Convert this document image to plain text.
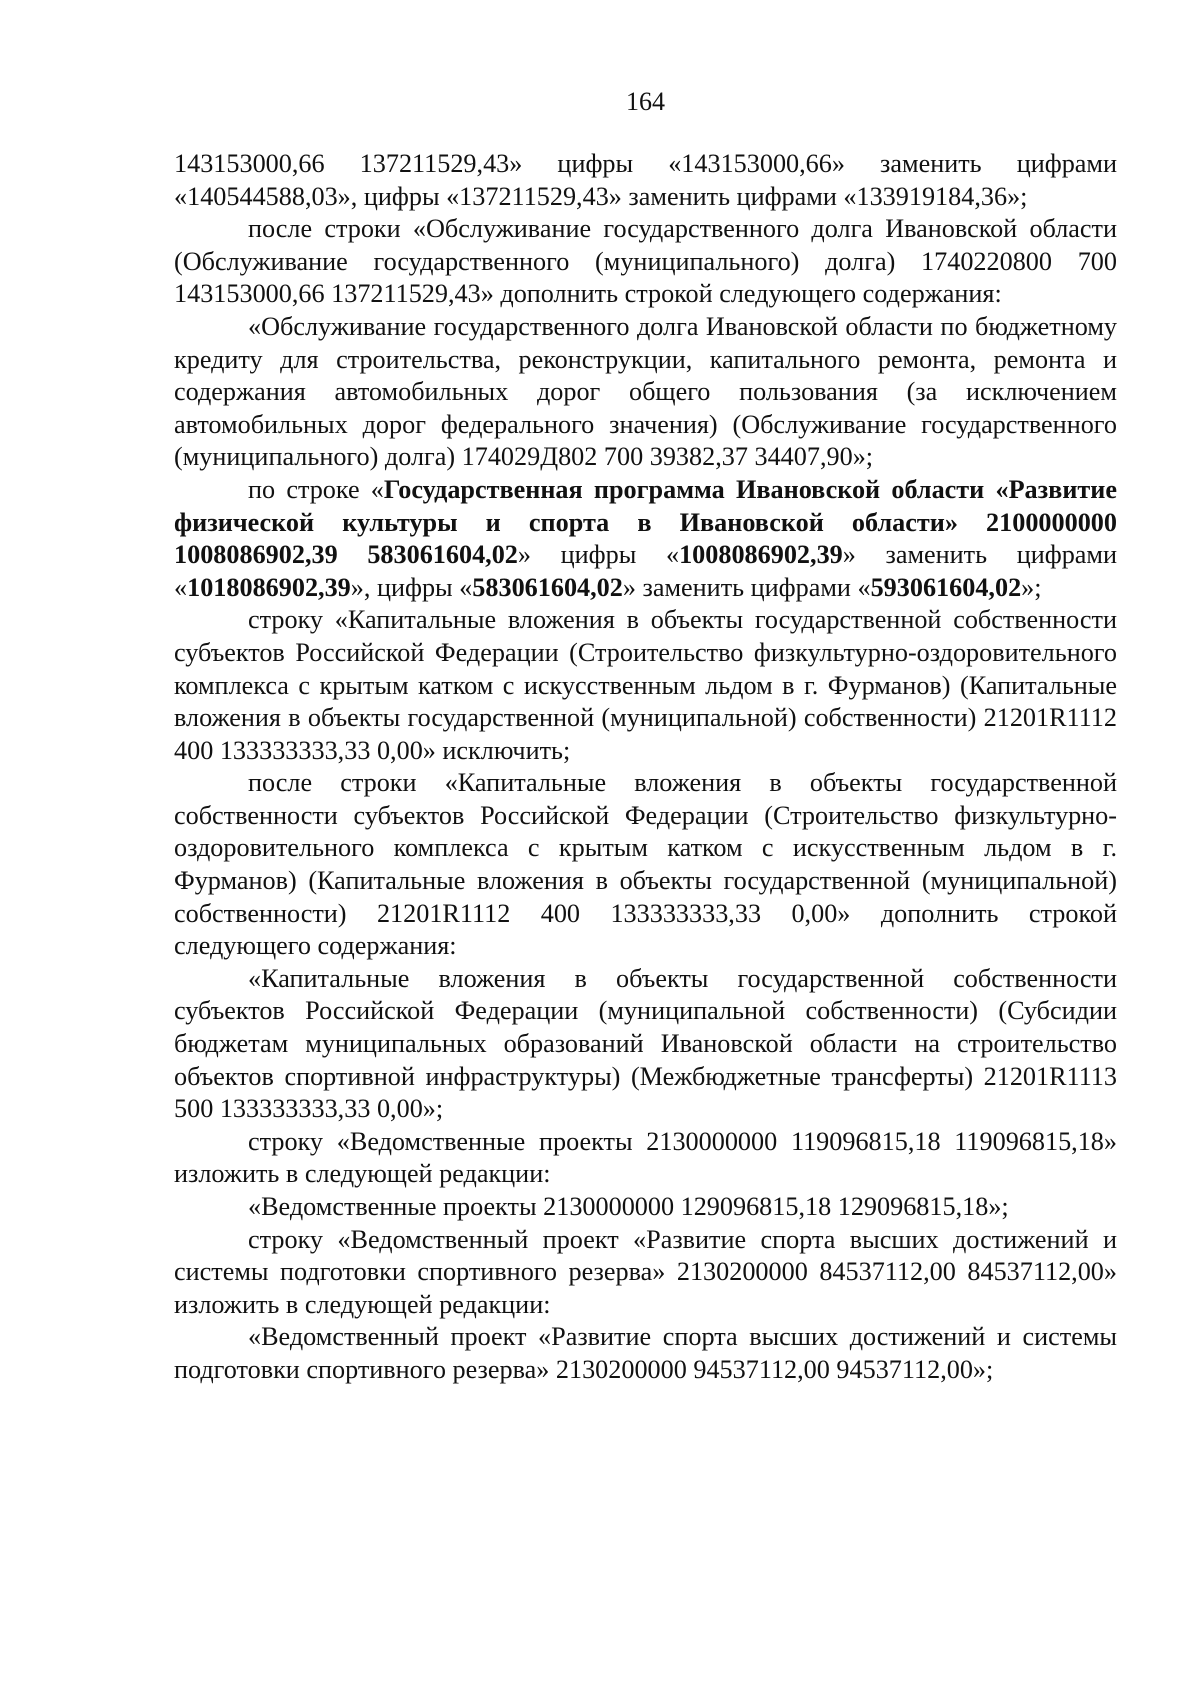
164

143153000,66 137211529,43» цифры «143153000,66» заменить цифрами «140544588,03», цифры «137211529,43» заменить цифрами «133919184,36»;

после строки «Обслуживание государственного долга Ивановской области (Обслуживание государственного (муниципального) долга) 1740220800 700 143153000,66 137211529,43» дополнить строкой следующего содержания:

«Обслуживание государственного долга Ивановской области по бюджетному кредиту для строительства, реконструкции, капитального ремонта, ремонта и содержания автомобильных дорог общего пользования (за исключением автомобильных дорог федерального значения) (Обслуживание государственного (муниципального) долга) 174029Д802 700 39382,37 34407,90»;

по строке «Государственная программа Ивановской области «Развитие физической культуры и спорта в Ивановской области» 2100000000 1008086902,39 583061604,02» цифры «1008086902,39» заменить цифрами «1018086902,39», цифры «583061604,02» заменить цифрами «593061604,02»;

строку «Капитальные вложения в объекты государственной собственности субъектов Российской Федерации (Строительство физкультурно-оздоровительного комплекса с крытым катком с искусственным льдом в г. Фурманов) (Капитальные вложения в объекты государственной (муниципальной) собственности) 21201R1112 400 133333333,33 0,00» исключить;

после строки «Капитальные вложения в объекты государственной собственности субъектов Российской Федерации (Строительство физкультурно-оздоровительного комплекса с крытым катком с искусственным льдом в г. Фурманов) (Капитальные вложения в объекты государственной (муниципальной) собственности) 21201R1112 400 133333333,33 0,00» дополнить строкой следующего содержания:

«Капитальные вложения в объекты государственной собственности субъектов Российской Федерации (муниципальной собственности) (Субсидии бюджетам муниципальных образований Ивановской области на строительство объектов спортивной инфраструктуры) (Межбюджетные трансферты) 21201R1113 500 133333333,33 0,00»;

строку «Ведомственные проекты 2130000000 119096815,18 119096815,18» изложить в следующей редакции:

«Ведомственные проекты 2130000000 129096815,18 129096815,18»;

строку «Ведомственный проект «Развитие спорта высших достижений и системы подготовки спортивного резерва» 2130200000 84537112,00 84537112,00» изложить в следующей редакции:

«Ведомственный проект «Развитие спорта высших достижений и системы подготовки спортивного резерва» 2130200000 94537112,00 94537112,00»;
